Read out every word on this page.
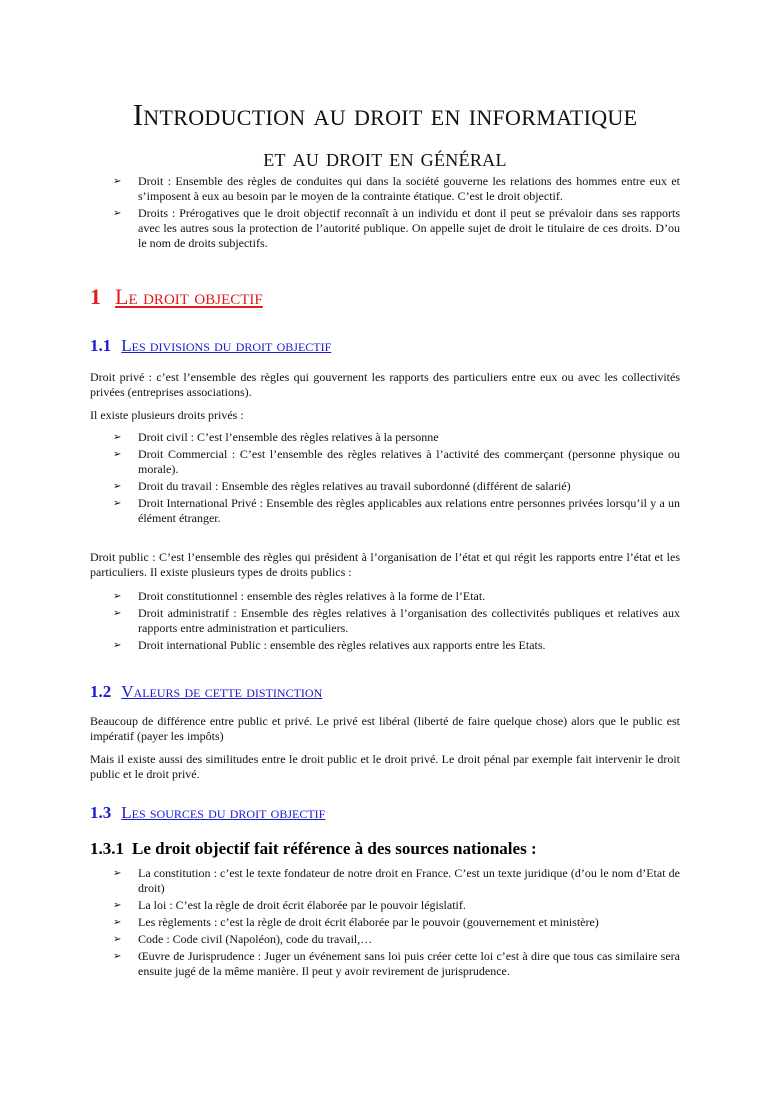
Introduction au droit en informatique
et au droit en général
➢ Droit : Ensemble des règles de conduites qui dans la société gouverne les relations des hommes entre eux et s’imposent à eux au besoin par le moyen de la contrainte étatique. C’est le droit objectif.
➢ Droits : Prérogatives que le droit objectif reconnaît à un individu et dont il peut se prévaloir dans ses rapports avec les autres sous la protection de l’autorité publique. On appelle sujet de droit le titulaire de ces droits. D’ou le nom de droits subjectifs.
1 Le droit objectif
1.1 Les divisions du droit objectif

Droit privé : c’est l’ensemble des règles qui gouvernent les rapports des particuliers entre eux ou avec les collectivités privées (entreprises associations).

Il existe plusieurs droits privés :

➢ Droit civil : C’est l’ensemble des règles relatives à la personne
➢ Droit Commercial : C’est l’ensemble des règles relatives à l’activité des commerçant (personne physique ou morale).
➢ Droit du travail : Ensemble des règles relatives au travail subordonné (différent de salarié)
➢ Droit International Privé : Ensemble des règles applicables aux relations entre personnes privées lorsqu’il y a un élément étranger.

Droit public : C’est l’ensemble des règles qui président à l’organisation de l’état et qui régit les rapports entre l’état et les particuliers. Il existe plusieurs types de droits publics :

➢ Droit constitutionnel : ensemble des règles relatives à la forme de l’Etat.
➢ Droit administratif : Ensemble des règles relatives à l’organisation des collectivités publiques et relatives aux rapports entre administration et particuliers.
➢ Droit international Public : ensemble des règles relatives aux rapports entre les Etats.
1.2 Valeurs de cette distinction

Beaucoup de différence entre public et privé. Le privé est libéral (liberté de faire quelque chose) alors que le public est impératif (payer les impôts)

Mais il existe aussi des similitudes entre le droit public et le droit privé. Le droit pénal par exemple fait intervenir le droit public et le droit privé.

1.3 Les sources du droit objectif
1.3.1 Le droit objectif fait référence à des sources nationales :
➢ La constitution : c’est le texte fondateur de notre droit en France. C’est un texte juridique (d’ou le nom d’Etat de droit)
➢ La loi : C’est la règle de droit écrit élaborée par le pouvoir législatif.
➢ Les règlements : c’est la règle de droit écrit élaborée par le pouvoir (gouvernement et ministère)
➢ Code : Code civil (Napoléon), code du travail,…
➢ Œuvre de Jurisprudence : Juger un événement sans loi puis créer cette loi c’est à dire que tous cas similaire sera ensuite jugé de la même manière. Il peut y avoir revirement de jurisprudence.
